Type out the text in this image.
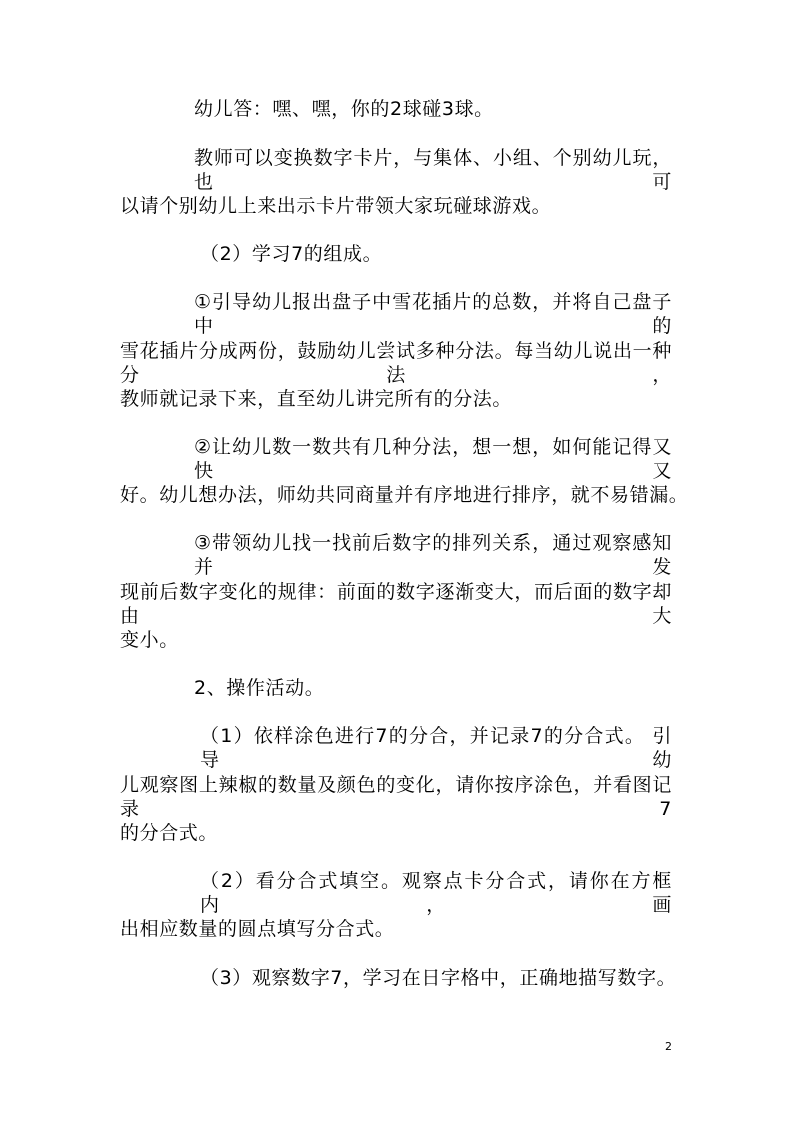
幼儿答：嘿、嘿，你的2球碰3球。
教师可以变换数字卡片，与集体、小组、个别幼儿玩，也可
以请个别幼儿上来出示卡片带领大家玩碰球游戏。
（2）学习7的组成。
①引导幼儿报出盘子中雪花插片的总数，并将自己盘子中的
雪花插片分成两份，鼓励幼儿尝试多种分法。每当幼儿说出一种分法，
教师就记录下来，直至幼儿讲完所有的分法。
②让幼儿数一数共有几种分法，想一想，如何能记得又快又
好。幼儿想办法，师幼共同商量并有序地进行排序，就不易错漏。
③带领幼儿找一找前后数字的排列关系，通过观察感知并发
现前后数字变化的规律：前面的数字逐渐变大，而后面的数字却由大
变小。
2、操作活动。
（1）依样涂色进行7的分合，并记录7的分合式。 引导幼
儿观察图上辣椒的数量及颜色的变化，请你按序涂色，并看图记录7
的分合式。
（2）看分合式填空。观察点卡分合式，请你在方框内，画
出相应数量的圆点填写分合式。
（3）观察数字7，学习在日字格中，正确地描写数字。
2
